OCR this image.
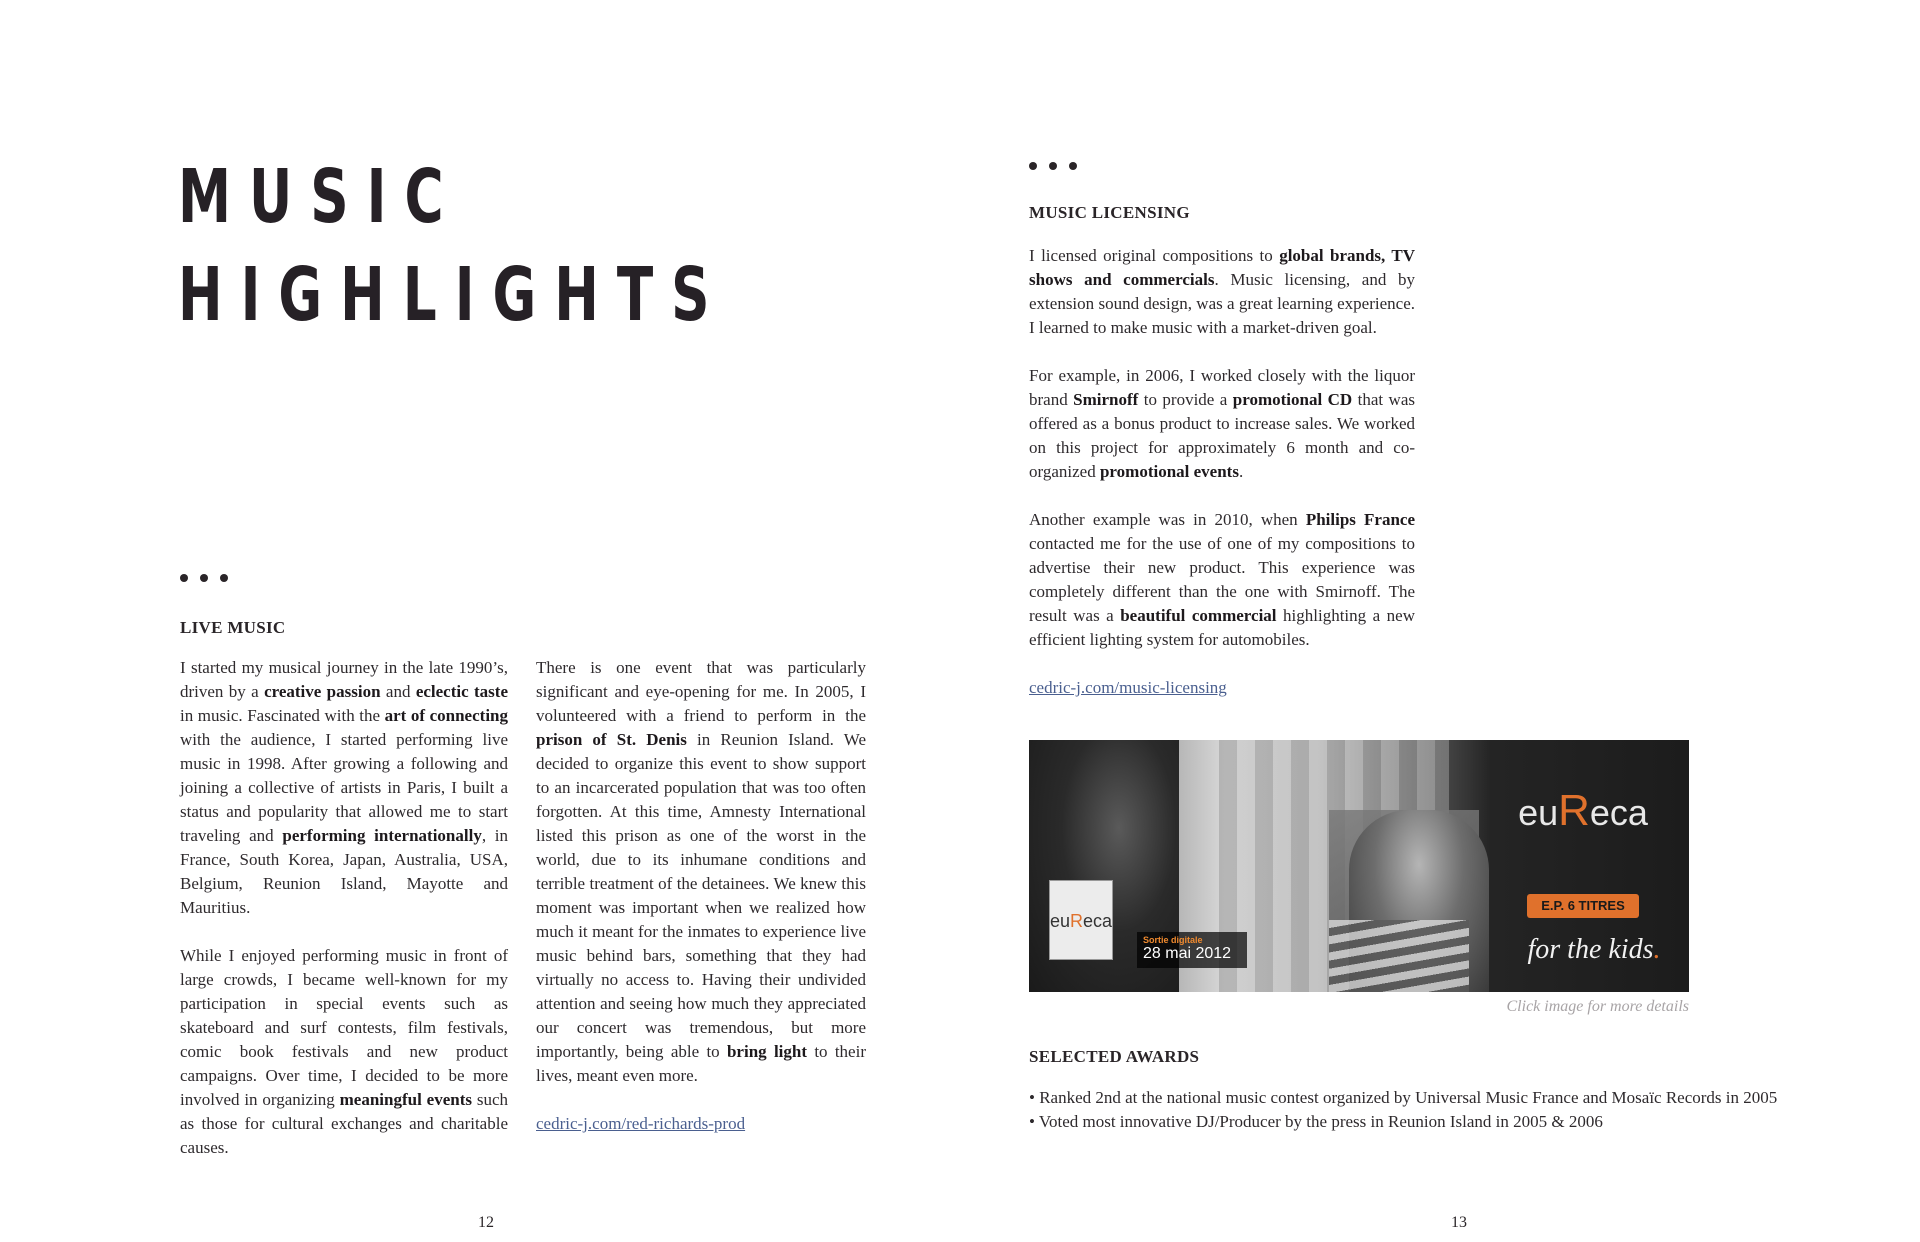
MUSIC
HIGHLIGHTS
LIVE MUSIC

I started my musical journey in the late 1990’s, driven by a creative passion and eclectic taste in music. Fascinated with the art of connecting with the audience, I started performing live music in 1998. After growing a following and joining a collective of artists in Paris, I built a status and popularity that allowed me to start traveling and performing internationally, in France, South Korea, Japan, Australia, USA, Belgium, Reunion Island, Mayotte and Mauritius.

While I enjoyed performing music in front of large crowds, I became well-known for my participation in special events such as skateboard and surf contests, film festivals, comic book festivals and new product campaigns. Over time, I decided to be more involved in organizing meaningful events such as those for cultural exchanges and charitable causes.

There is one event that was particularly significant and eye-opening for me. In 2005, I volunteered with a friend to perform in the prison of St. Denis in Reunion Island. We decided to organize this event to show support to an incarcerated population that was too often forgotten. At this time, Amnesty International listed this prison as one of the worst in the world, due to its inhumane conditions and terrible treatment of the detainees. We knew this moment was important when we realized how much it meant for the inmates to experience live music behind bars, something that they had virtually no access to. Having their undivided attention and seeing how much they appreciated our concert was tremendous, but more importantly, being able to bring light to their lives, meant even more.

cedric-j.com/red-richards-prod

MUSIC LICENSING

I licensed original compositions to global brands, TV shows and commercials. Music licensing, and by extension sound design, was a great learning experience. I learned to make music with a market-driven goal.

For example, in 2006, I worked closely with the liquor brand Smirnoff to provide a promotional CD that was offered as a bonus product to increase sales. We worked on this project for approximately 6 month and co-organized promotional events.

Another example was in 2010, when Philips France contacted me for the use of one of my compositions to advertise their new product. This experience was completely different than the one with Smirnoff. The result was a beautiful commercial highlighting a new efficient lighting system for automobiles.

cedric-j.com/music-licensing

euReca
Sortie digitale
28 mai 2012
euReca
E.P. 6 TITRES
for the kids.
Click image for more details
SELECTED AWARDS
• Ranked 2nd at the national music contest organized by Universal Music France and Mosaïc Records in 2005
• Voted most innovative DJ/Producer by the press in Reunion Island in 2005 & 2006
12	13
